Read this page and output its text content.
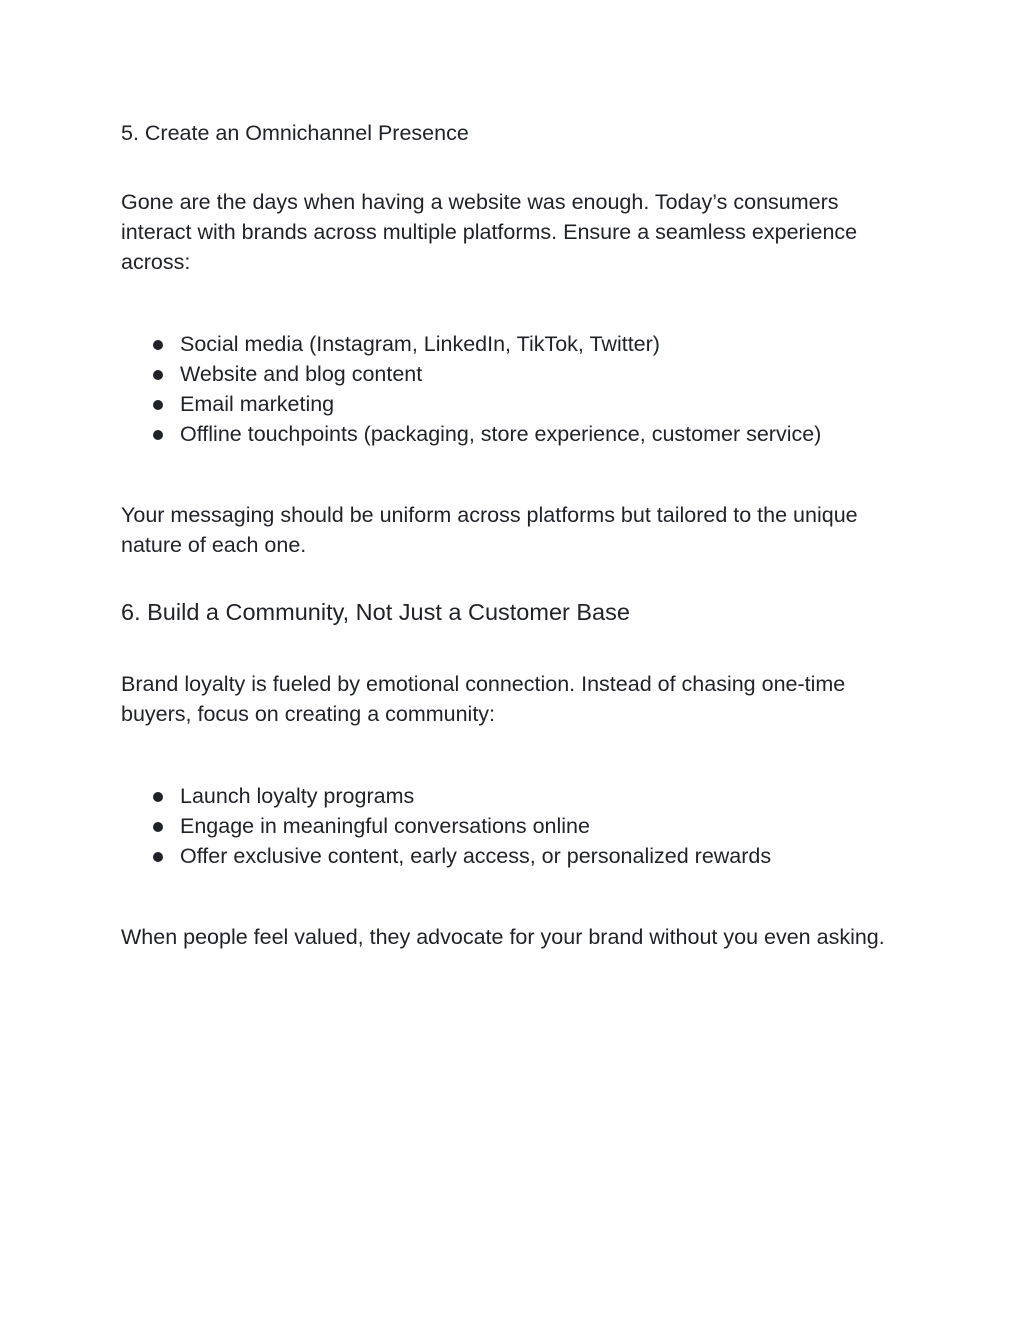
5. Create an Omnichannel Presence

Gone are the days when having a website was enough. Today’s consumers interact with brands across multiple platforms. Ensure a seamless experience across:

Social media (Instagram, LinkedIn, TikTok, Twitter)
Website and blog content
Email marketing
Offline touchpoints (packaging, store experience, customer service)

Your messaging should be uniform across platforms but tailored to the unique nature of each one.

6. Build a Community, Not Just a Customer Base

Brand loyalty is fueled by emotional connection. Instead of chasing one-time buyers, focus on creating a community:

Launch loyalty programs
Engage in meaningful conversations online
Offer exclusive content, early access, or personalized rewards

When people feel valued, they advocate for your brand without you even asking.
